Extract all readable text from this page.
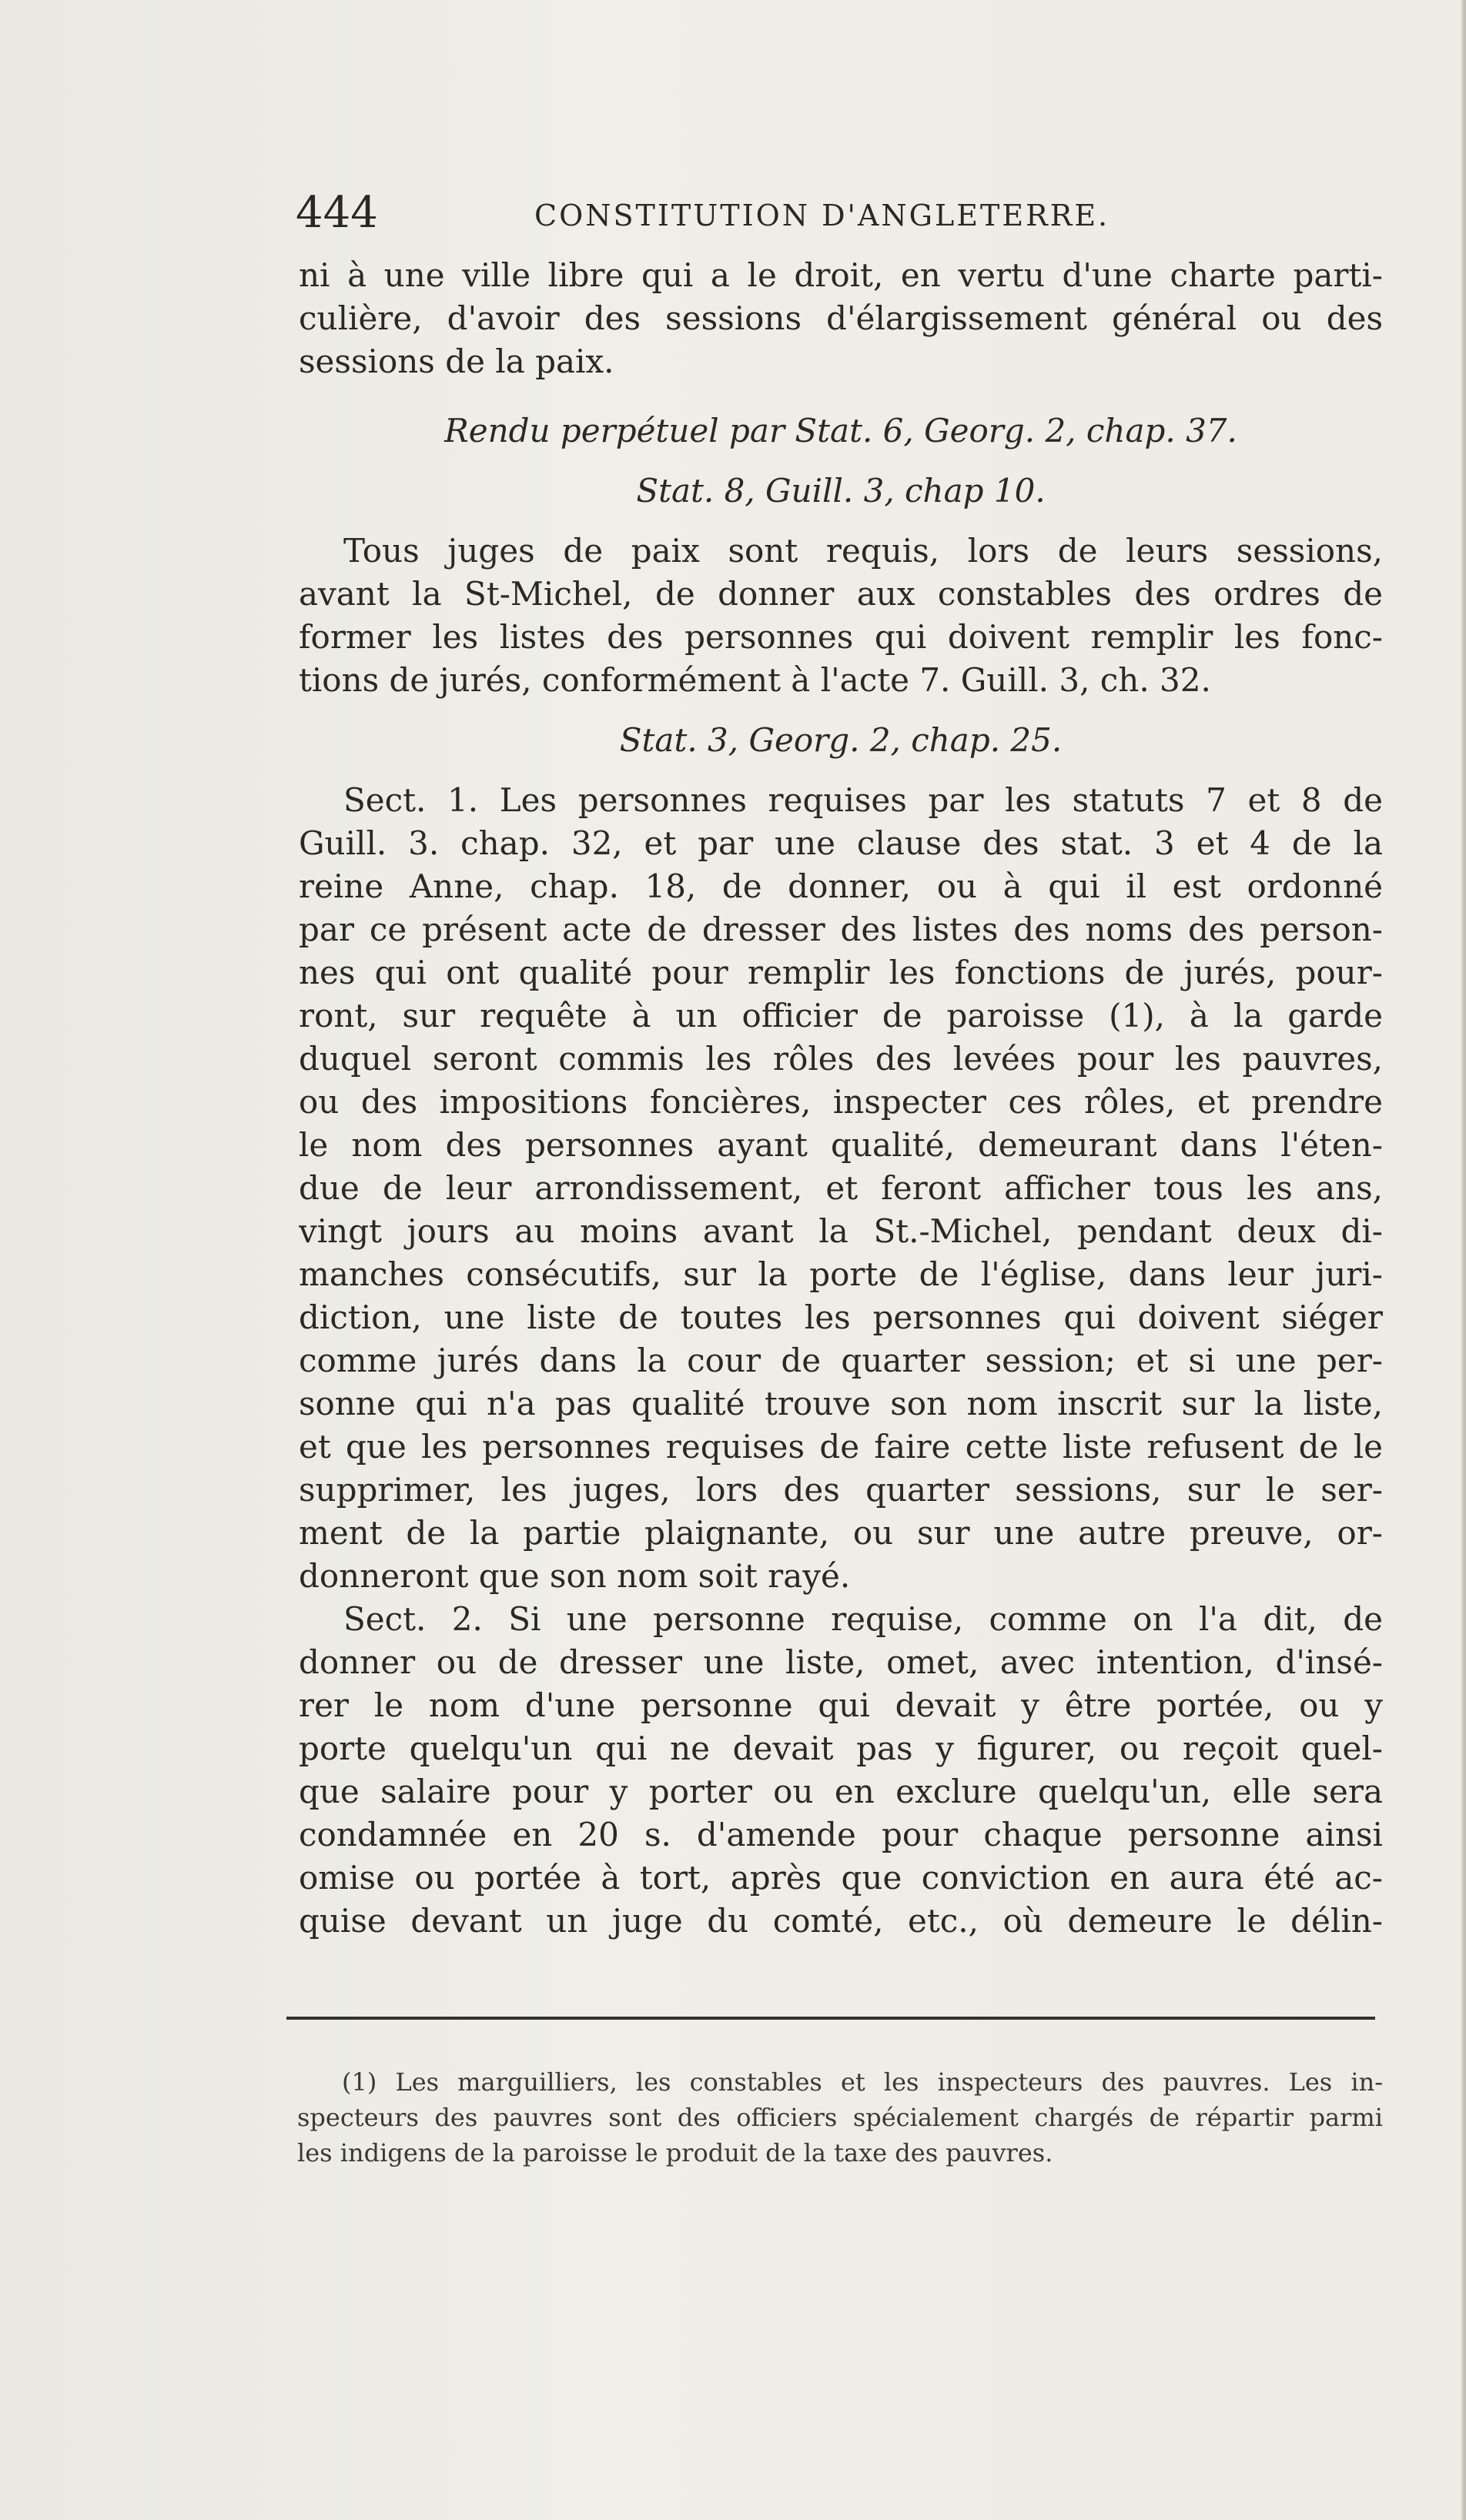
444	CONSTITUTION D'ANGLETERRE.
ni à une ville libre qui a le droit, en vertu d'une charte parti-
culière, d'avoir des sessions d'élargissement général ou des
sessions de la paix.
Rendu perpétuel par Stat. 6, Georg. 2, chap. 37.
Stat. 8, Guill. 3, chap 10.
Tous juges de paix sont requis, lors de leurs sessions,
avant la St-Michel, de donner aux constables des ordres de
former les listes des personnes qui doivent remplir les fonc-
tions de jurés, conformément à l'acte 7. Guill. 3, ch. 32.
Stat. 3, Georg. 2, chap. 25.
Sect. 1. Les personnes requises par les statuts 7 et 8 de
Guill. 3. chap. 32, et par une clause des stat. 3 et 4 de la
reine Anne, chap. 18, de donner, ou à qui il est ordonné
par ce présent acte de dresser des listes des noms des person-
nes qui ont qualité pour remplir les fonctions de jurés, pour-
ront, sur requête à un officier de paroisse (1), à la garde
duquel seront commis les rôles des levées pour les pauvres,
ou des impositions foncières, inspecter ces rôles, et prendre
le nom des personnes ayant qualité, demeurant dans l'éten-
due de leur arrondissement, et feront afficher tous les ans,
vingt jours au moins avant la St.-Michel, pendant deux di-
manches consécutifs, sur la porte de l'église, dans leur juri-
diction, une liste de toutes les personnes qui doivent siéger
comme jurés dans la cour de quarter session; et si une per-
sonne qui n'a pas qualité trouve son nom inscrit sur la liste,
et que les personnes requises de faire cette liste refusent de le
supprimer, les juges, lors des quarter sessions, sur le ser-
ment de la partie plaignante, ou sur une autre preuve, or-
donneront que son nom soit rayé.
Sect. 2. Si une personne requise, comme on l'a dit, de
donner ou de dresser une liste, omet, avec intention, d'insé-
rer le nom d'une personne qui devait y être portée, ou y
porte quelqu'un qui ne devait pas y figurer, ou reçoit quel-
que salaire pour y porter ou en exclure quelqu'un, elle sera
condamnée en 20 s. d'amende pour chaque personne ainsi
omise ou portée à tort, après que conviction en aura été ac-
quise devant un juge du comté, etc., où demeure le délin-
(1) Les marguilliers, les constables et les inspecteurs des pauvres. Les in-
specteurs des pauvres sont des officiers spécialement chargés de répartir parmi
les indigens de la paroisse le produit de la taxe des pauvres.
